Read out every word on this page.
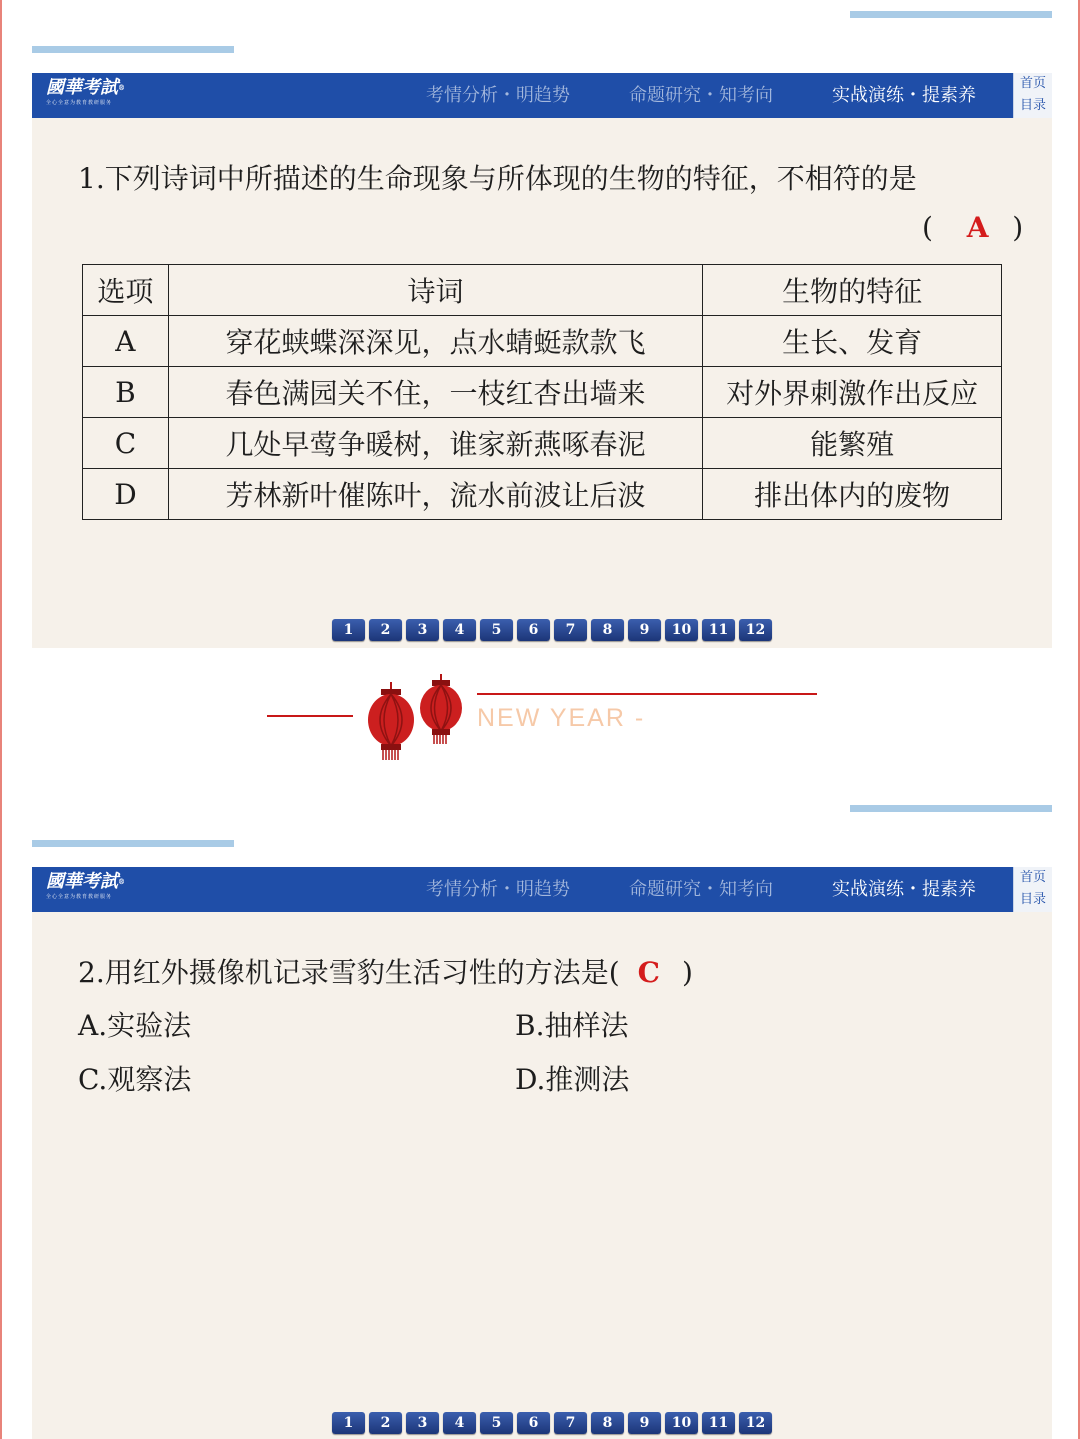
國華考試®
全心全意为教育教研服务	考情分析・明趋势	命题研究・知考向	实战演练・提素养
首页
目录
1.下列诗词中所描述的生命现象与所体现的生物的特征，不相符的是
( A )
选项	诗词	生物的特征
A	穿花蛱蝶深深见，点水蜻蜓款款飞	生长、发育
B	春色满园关不住，一枝红杏出墙来	对外界刺激作出反应
C	几处早莺争暖树，谁家新燕啄春泥	能繁殖
D	芳林新叶催陈叶，流水前波让后波	排出体内的废物
1 2 3 4 5 6 7 8 9 10 11 12
NEW YEAR -
國華考試®
全心全意为教育教研服务	考情分析・明趋势	命题研究・知考向	实战演练・提素养
首页
目录
2.用红外摄像机记录雪豹生活习性的方法是( C )
A.实验法	B.抽样法
C.观察法	D.推测法
1 2 3 4 5 6 7 8 9 10 11 12
